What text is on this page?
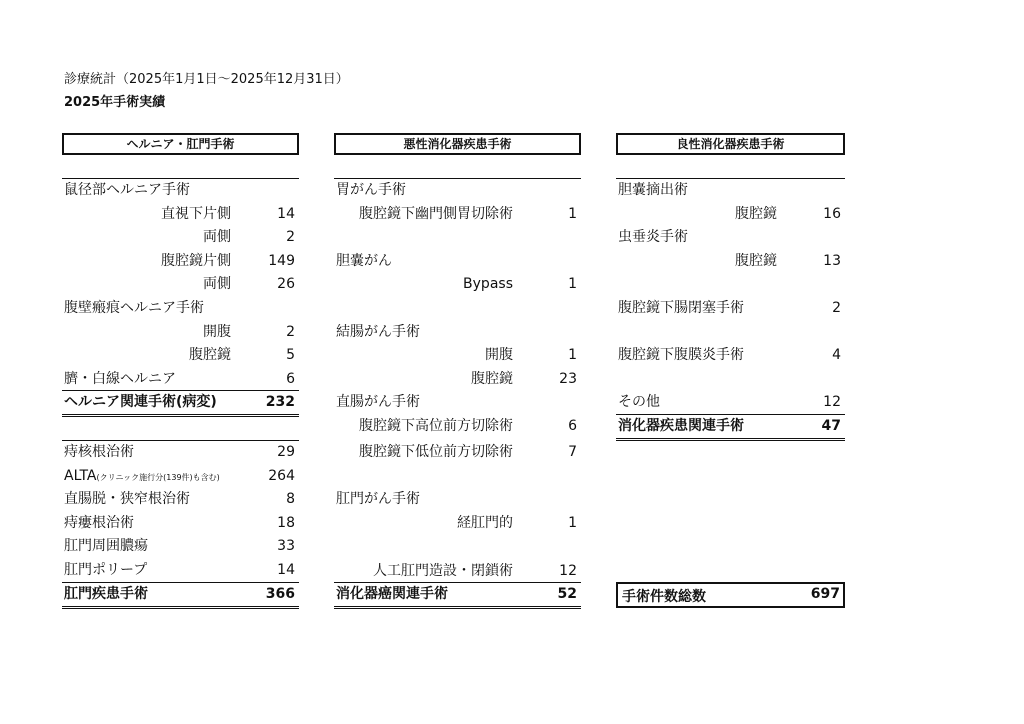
診療統計（2025年1月1日～2025年12月31日）
2025年手術実績
ヘルニア・肛門手術	悪性消化器疾患手術	良性消化器疾患手術
鼠径部ヘルニア手術
直視下片側	14
両側	2
腹腔鏡片側	149
両側	26
腹壁瘢痕ヘルニア手術
開腹	2
腹腔鏡	5
臍・白線ヘルニア	6
ヘルニア関連手術(病変)	232
痔核根治術	29
ALTA(クリニック施行分(139件)も含む)	264
直腸脱・狭窄根治術	8
痔瘻根治術	18
肛門周囲膿瘍	33
肛門ポリープ	14
肛門疾患手術	366
胃がん手術
腹腔鏡下幽門側胃切除術	1
胆嚢がん
Bypass	1
結腸がん手術
開腹	1
腹腔鏡	23
直腸がん手術
腹腔鏡下高位前方切除術	6
腹腔鏡下低位前方切除術	7
肛門がん手術
経肛門的	1
人工肛門造設・閉鎖術	12
消化器癌関連手術	52
胆嚢摘出術
腹腔鏡	16
虫垂炎手術
腹腔鏡	13
腹腔鏡下腸閉塞手術	2
腹腔鏡下腹膜炎手術	4
その他	12
消化器疾患関連手術	47
手術件数総数	697
